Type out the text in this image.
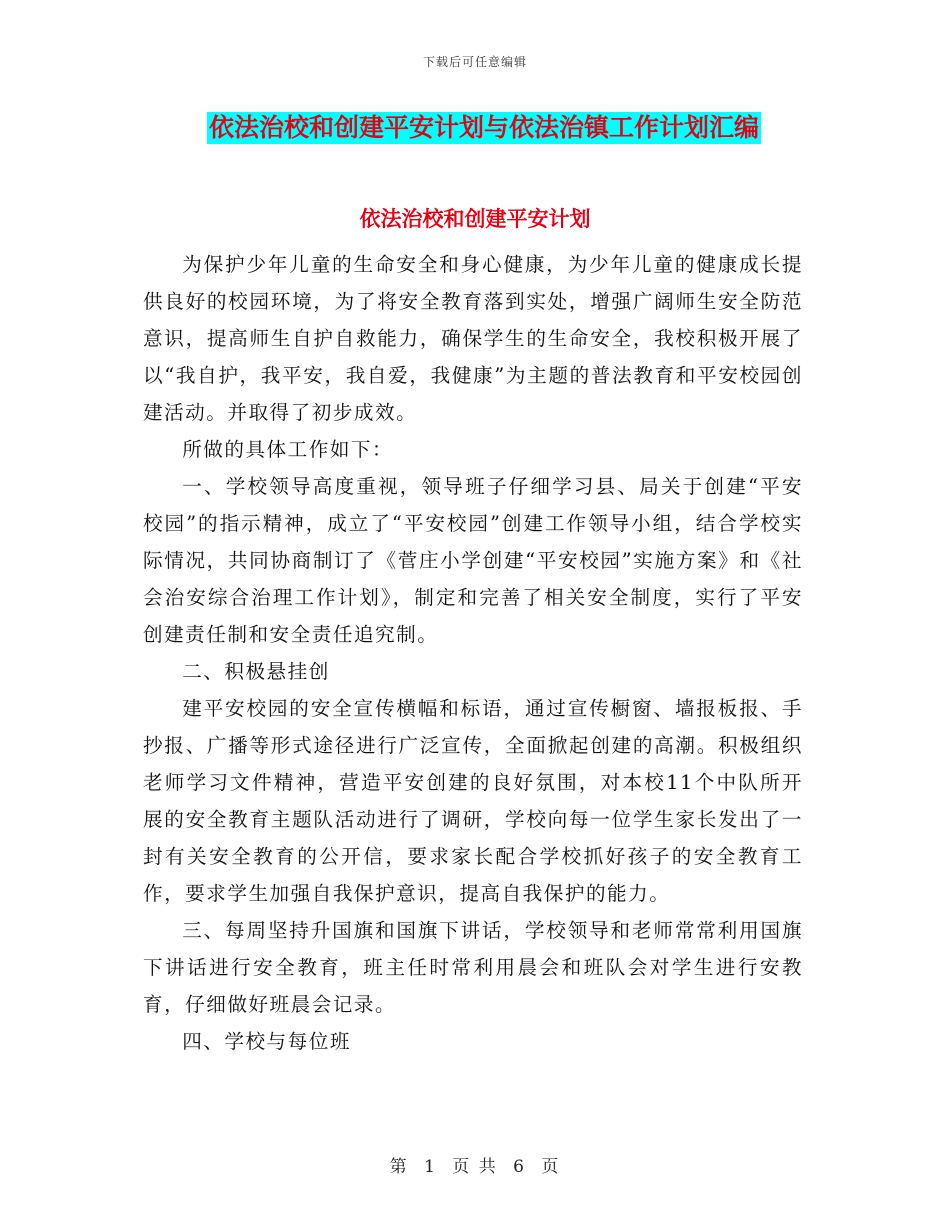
下载后可任意编辑
依法治校和创建平安计划与依法治镇工作计划汇编
依法治校和创建平安计划

为保护少年儿童的生命安全和身心健康，为少年儿童的健康成长提供良好的校园环境，为了将安全教育落到实处，增强广阔师生安全防范意识，提高师生自护自救能力，确保学生的生命安全，我校积极开展了以“我自护，我平安，我自爱，我健康”为主题的普法教育和平安校园创建活动。并取得了初步成效。

所做的具体工作如下：

一、学校领导高度重视，领导班子仔细学习县、局关于创建“平安校园”的指示精神，成立了“平安校园”创建工作领导小组，结合学校实际情况，共同协商制订了《菅庄小学创建“平安校园”实施方案》和《社会治安综合治理工作计划》，制定和完善了相关安全制度，实行了平安创建责任制和安全责任追究制。

二、积极悬挂创

建平安校园的安全宣传横幅和标语，通过宣传橱窗、墙报板报、手抄报、广播等形式途径进行广泛宣传，全面掀起创建的高潮。积极组织老师学习文件精神，营造平安创建的良好氛围，对本校11个中队所开展的安全教育主题队活动进行了调研，学校向每一位学生家长发出了一封有关安全教育的公开信，要求家长配合学校抓好孩子的安全教育工作，要求学生加强自我保护意识，提高自我保护的能力。

三、每周坚持升国旗和国旗下讲话，学校领导和老师常常利用国旗下讲话进行安全教育，班主任时常利用晨会和班队会对学生进行安教育，仔细做好班晨会记录。

四、学校与每位班

第 1 页 共 6 页
